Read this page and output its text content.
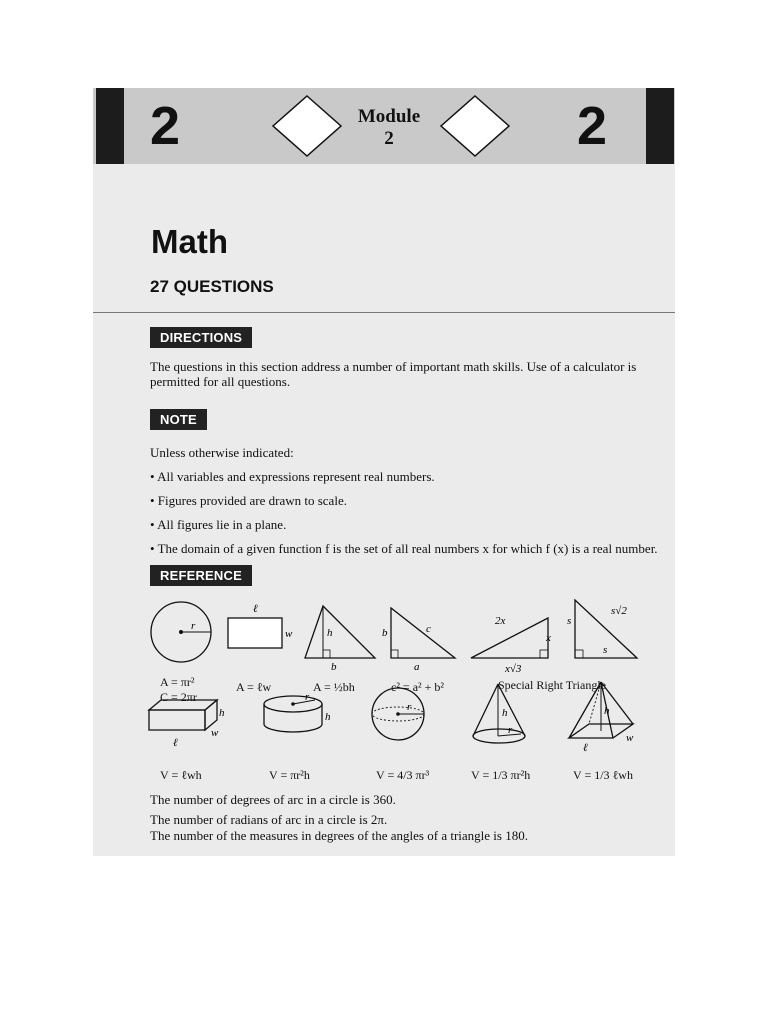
2	2
Module
2
Math
27 QUESTIONS
DIRECTIONS
The questions in this section address a number of important math skills. Use of a calculator is permitted for all questions.
NOTE
Unless otherwise indicated:
• All variables and expressions represent real numbers.
• Figures provided are drawn to scale.
• All figures lie in a plane.
• The domain of a given function f is the set of all real numbers x for which f (x) is a real number.
REFERENCE
r
ℓ
w	h
b
b	c
a
2x
x
x√3
s√2
s
s
ℓ
w
h
r
h
r	h
r
h
ℓ
w
A = πr²
C = 2πr
A = ℓw	A = ½bh	c² = a² + b²	Special Right Triangle
V = ℓwh	V = πr²h	V = 4/3 πr³	V = 1/3 πr²h	V = 1/3 ℓwh
The number of degrees of arc in a circle is 360.
The number of radians of arc in a circle is 2π.
The number of the measures in degrees of the angles of a triangle is 180.
